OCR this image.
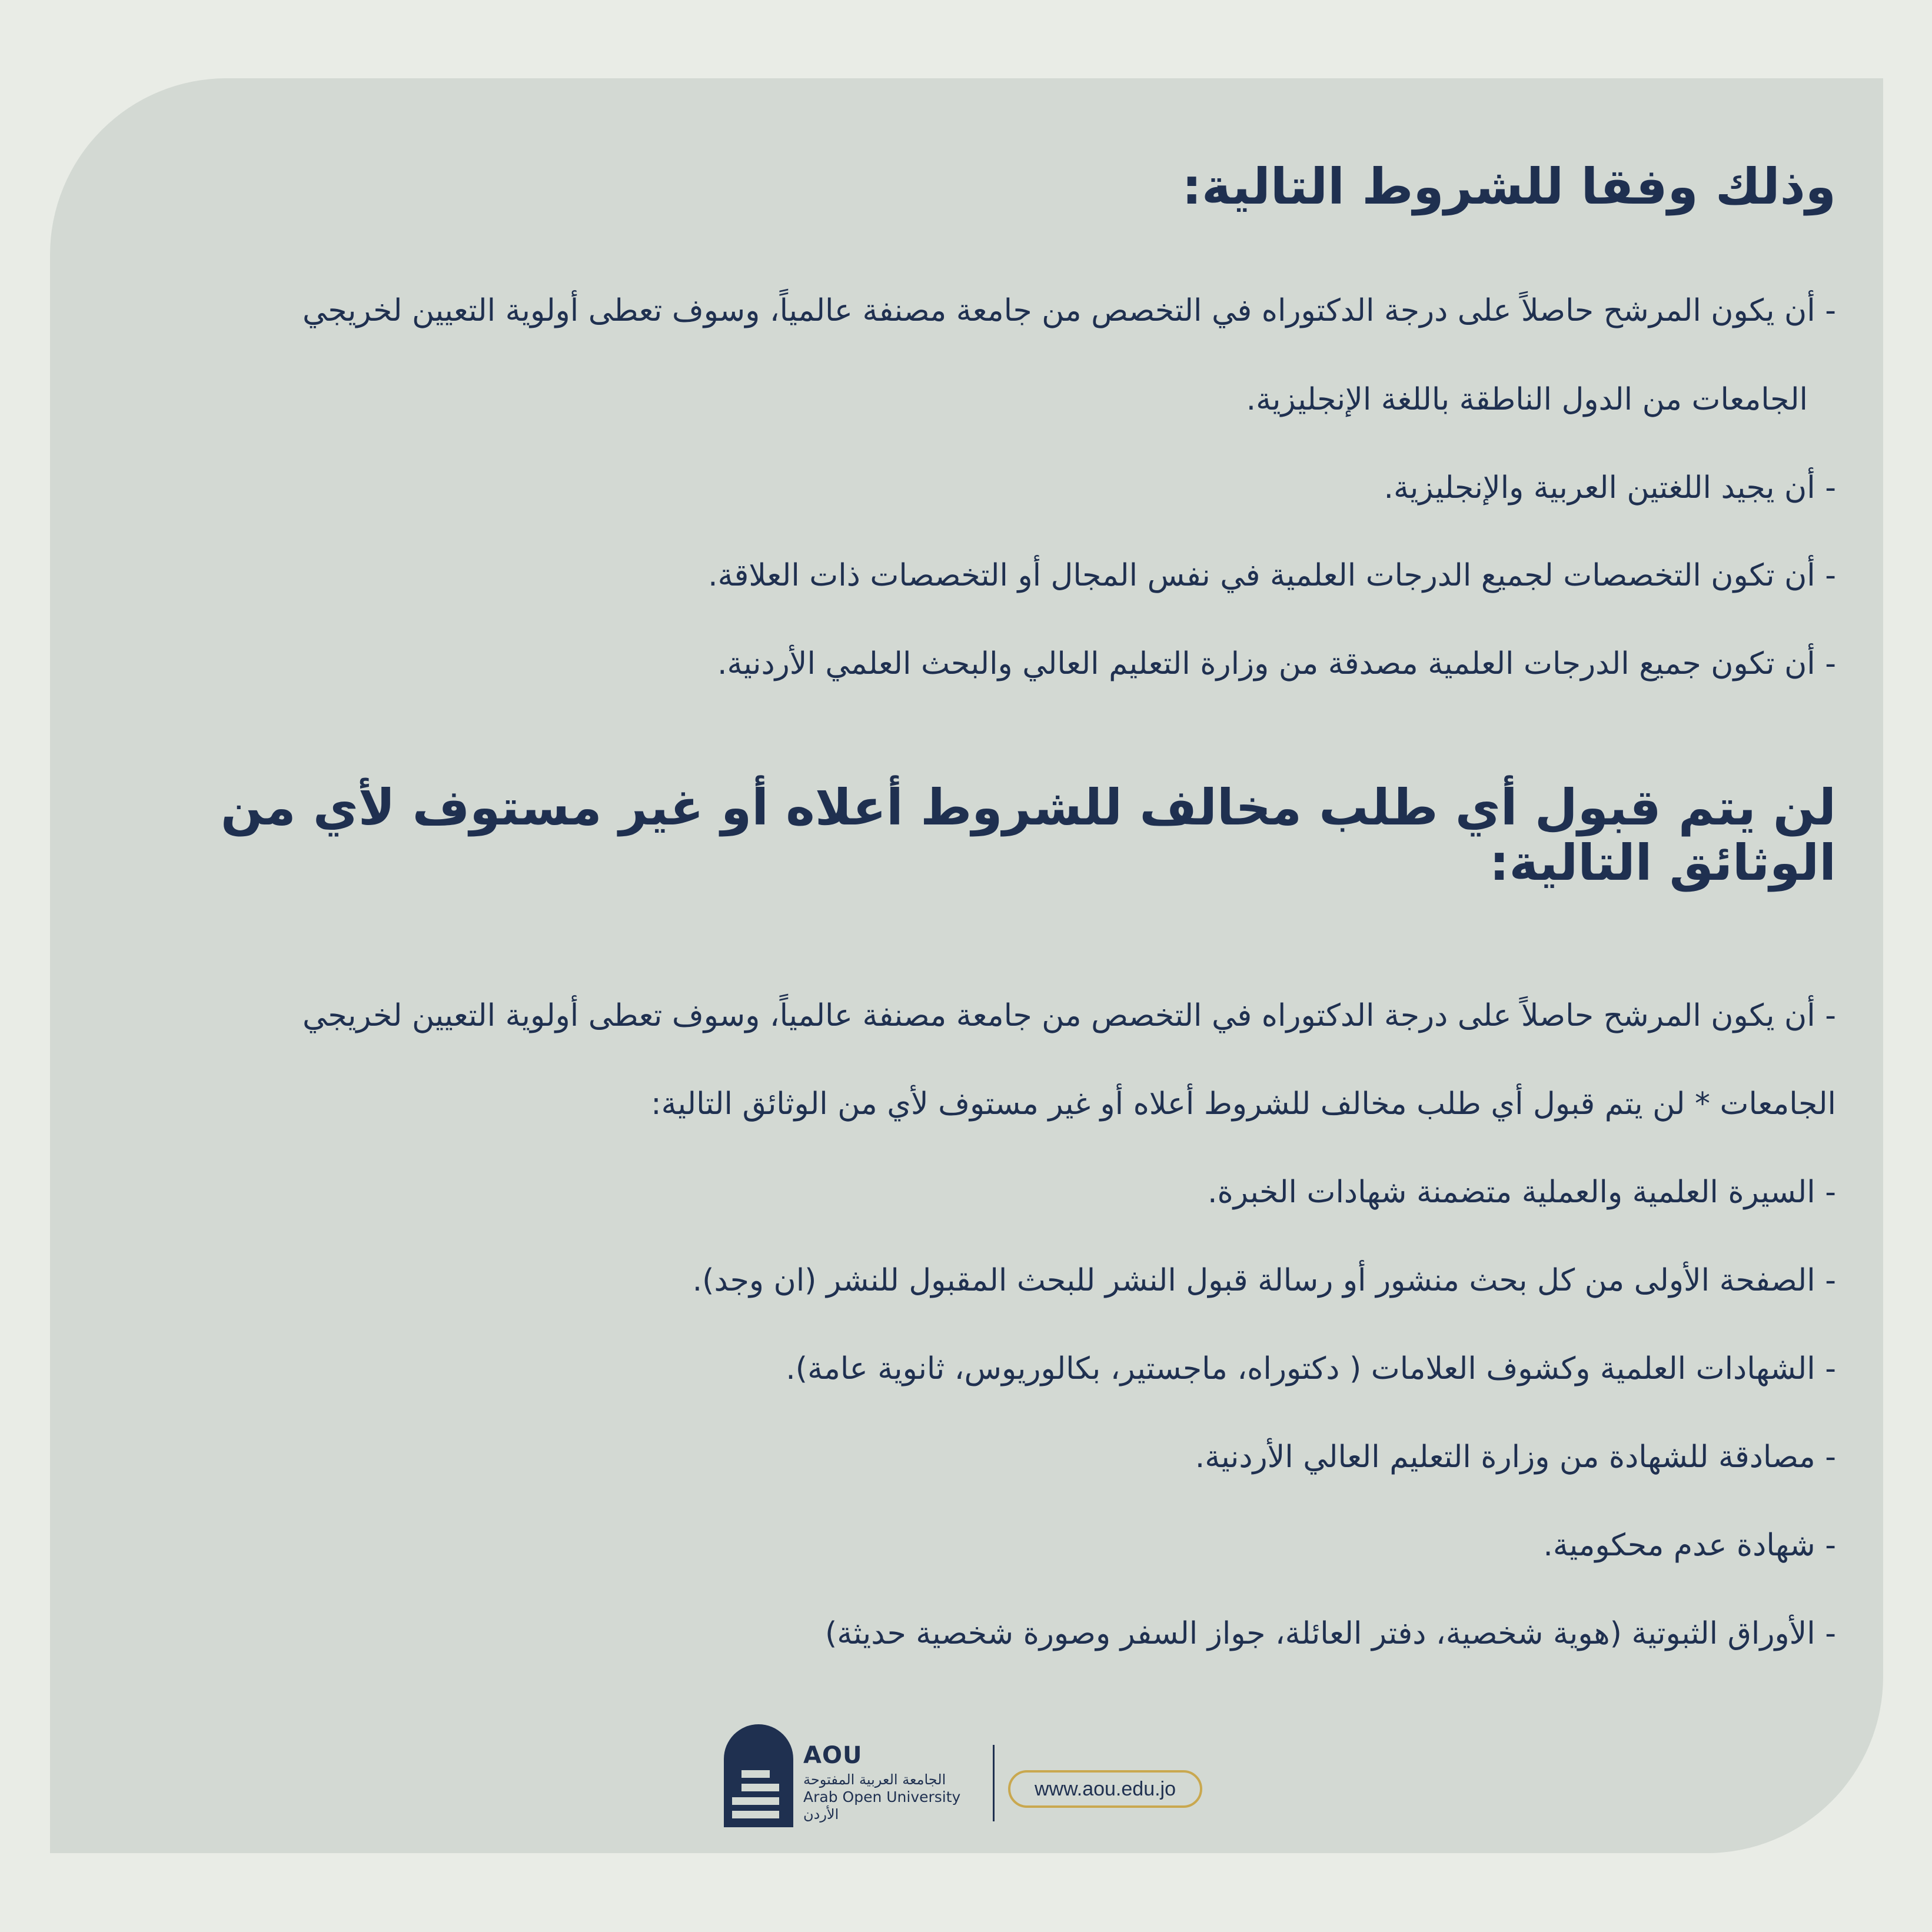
وذلك وفقا للشروط التالية:

- أن يكون المرشح حاصلاً على درجة الدكتوراه في التخصص من جامعة مصنفة عالمياً، وسوف تعطى أولوية التعيين لخريجي

الجامعات من الدول الناطقة باللغة الإنجليزية.

- أن يجيد اللغتين العربية والإنجليزية.

- أن تكون التخصصات لجميع الدرجات العلمية في نفس المجال أو التخصصات ذات العلاقة.

- أن تكون جميع الدرجات العلمية مصدقة من وزارة التعليم العالي والبحث العلمي الأردنية.

لن يتم قبول أي طلب مخالف للشروط أعلاه أو غير مستوف لأي من
الوثائق التالية:

- أن يكون المرشح حاصلاً على درجة الدكتوراه في التخصص من جامعة مصنفة عالمياً، وسوف تعطى أولوية التعيين لخريجي

الجامعات * لن يتم قبول أي طلب مخالف للشروط أعلاه أو غير مستوف لأي من الوثائق التالية:

- السيرة العلمية والعملية متضمنة شهادات الخبرة.

- الصفحة الأولى من كل بحث منشور أو رسالة قبول النشر للبحث المقبول للنشر (ان وجد).

- الشهادات العلمية وكشوف العلامات ( دكتوراه، ماجستير، بكالوريوس، ثانوية عامة).

- مصادقة للشهادة من وزارة التعليم العالي الأردنية.

- شهادة عدم محكومية.

- الأوراق الثبوتية (هوية شخصية، دفتر العائلة، جواز السفر وصورة شخصية حديثة)

AOU
الجامعة العربية المفتوحة
Arab Open University
الأردن
www.aou.edu.jo
